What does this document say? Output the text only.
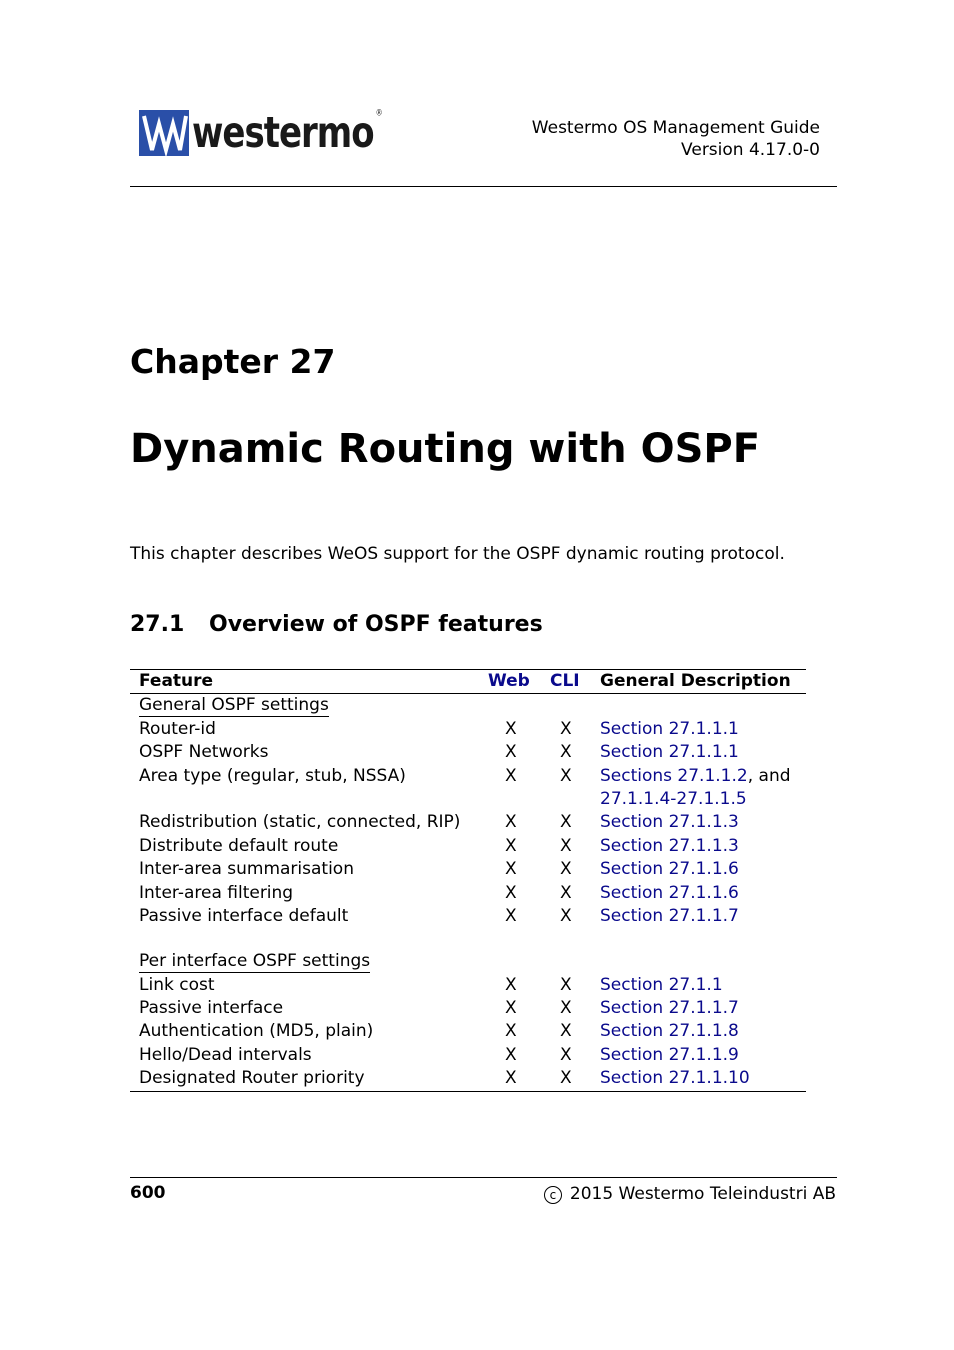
westermo ®
Westermo OS Management Guide
Version 4.17.0-0
Chapter 27
Dynamic Routing with OSPF
This chapter describes WeOS support for the OSPF dynamic routing protocol.
27.1 Overview of OSPF features
Feature	Web CLI General Description
General OSPF settings
Router-id	X	X Section 27.1.1.1
OSPF Networks	X	X Section 27.1.1.1
Area type (regular, stub, NSSA)	X	X Sections 27.1.1.2, and
27.1.1.4-27.1.1.5
Redistribution (static, connected, RIP)	X	X Section 27.1.1.3
Distribute default route	X	X Section 27.1.1.3
Inter-area summarisation	X	X Section 27.1.1.6
Inter-area filtering	X	X Section 27.1.1.6
Passive interface default	X	X Section 27.1.1.7
Per interface OSPF settings
Link cost	X	X Section 27.1.1
Passive interface	X	X Section 27.1.1.7
Authentication (MD5, plain)	X	X Section 27.1.1.8
Hello/Dead intervals	X	X Section 27.1.1.9
Designated Router priority	X	X Section 27.1.1.10
600	c 2015 Westermo Teleindustri AB
